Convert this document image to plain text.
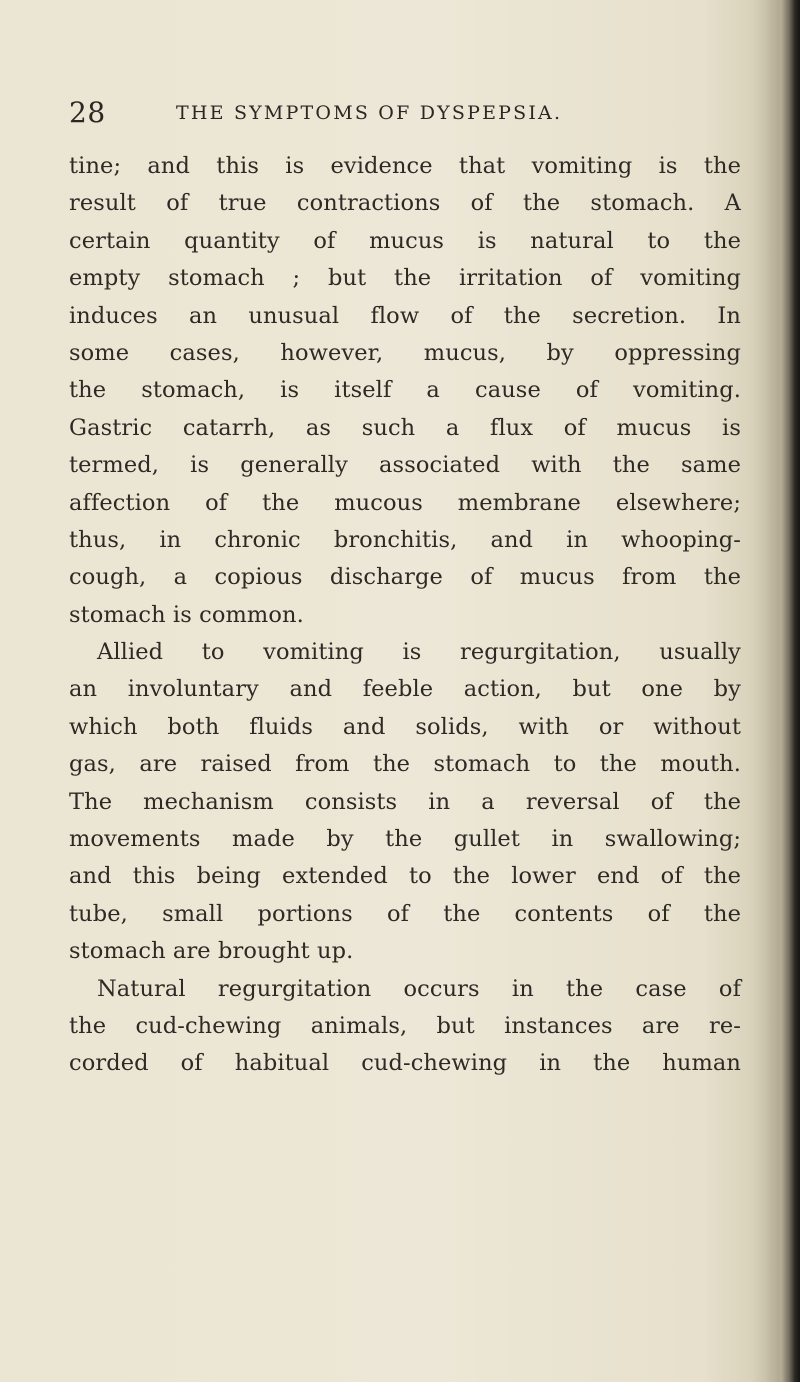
28	THE SYMPTOMS OF DYSPEPSIA.
tine; and this is evidence that vomiting is the
result of true contractions of the stomach. A
certain quantity of mucus is natural to the
empty stomach ; but the irritation of vomiting
induces an unusual flow of the secretion. In
some cases, however, mucus, by oppressing
the stomach, is itself a cause of vomiting.
Gastric catarrh, as such a flux of mucus is
termed, is generally associated with the same
affection of the mucous membrane elsewhere;
thus, in chronic bronchitis, and in whooping-
cough, a copious discharge of mucus from the
stomach is common.
Allied to vomiting is regurgitation, usually
an involuntary and feeble action, but one by
which both fluids and solids, with or without
gas, are raised from the stomach to the mouth.
The mechanism consists in a reversal of the
movements made by the gullet in swallowing;
and this being extended to the lower end of the
tube, small portions of the contents of the
stomach are brought up.
Natural regurgitation occurs in the case of
the cud-chewing animals, but instances are re-
corded of habitual cud-chewing in the human
